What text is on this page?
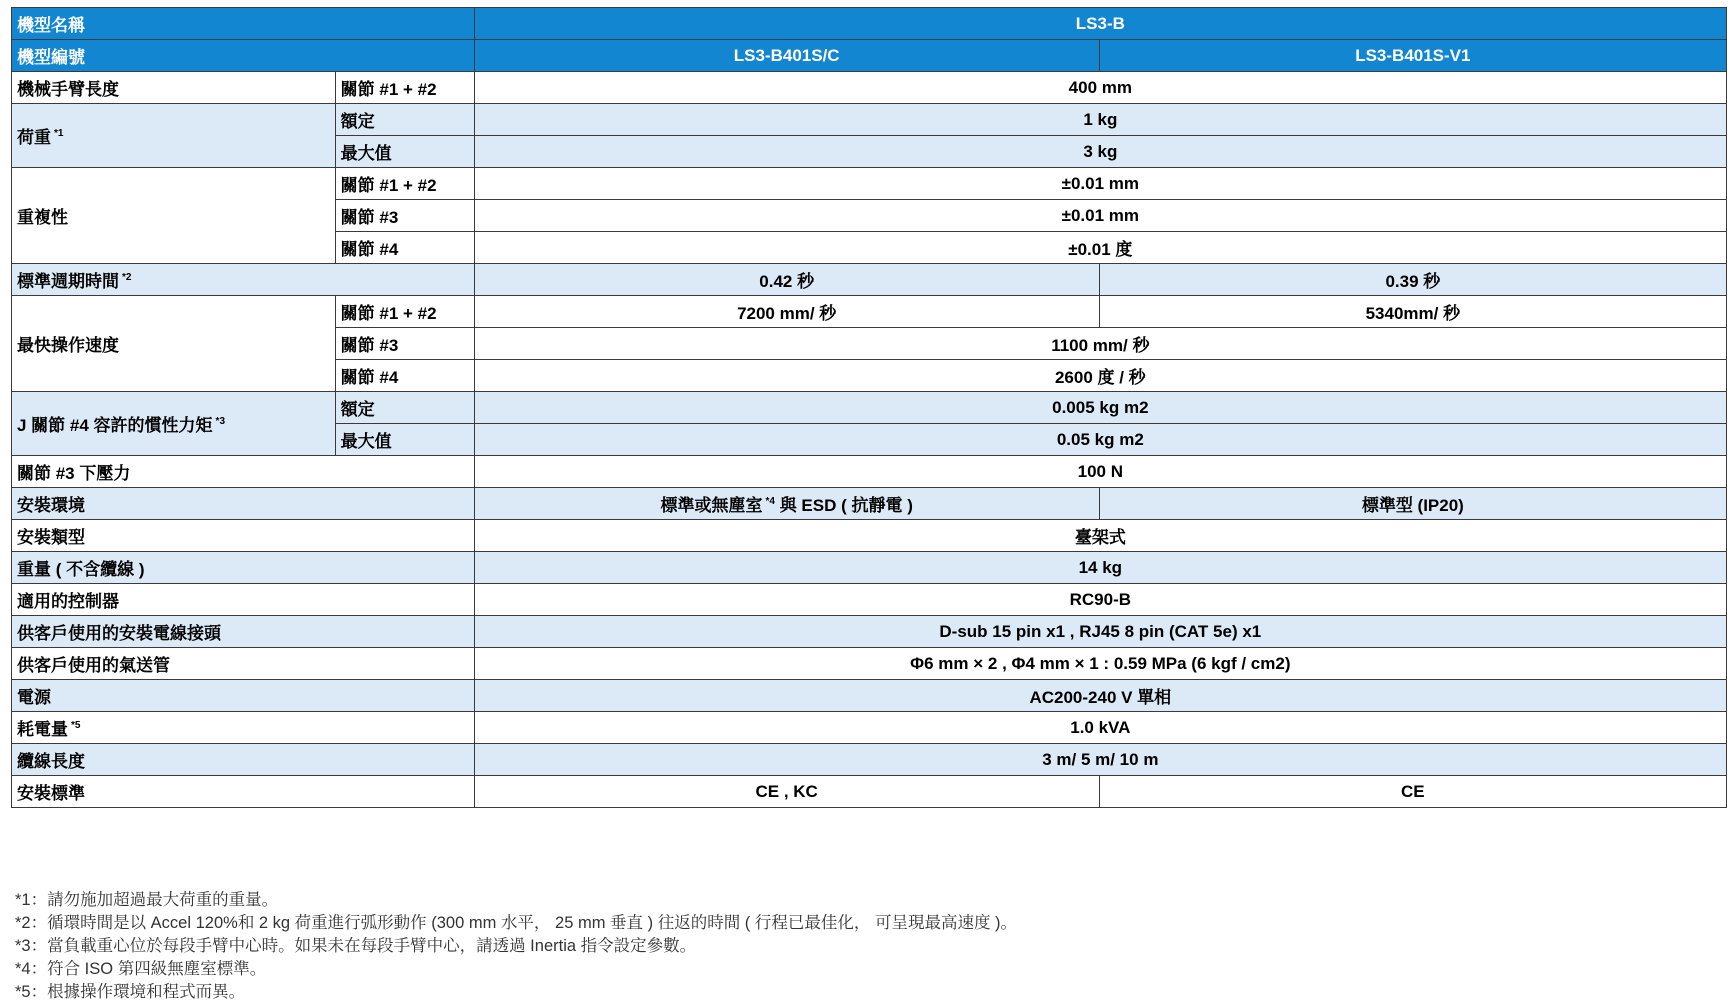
機型名稱		LS3-B	
機型編號		LS3-B401S/C	LS3-B401S-V1
機械手臂長度	關節 #1 + #2	400 mm	
荷重 $^{*1}$	額定	1 kg	
	最大值	3 kg	
重複性	關節 #1 + #2	±0.01 mm	
	關節 #3	±0.01 mm	
	關節 #4	±0.01 度	
標準週期時間 $^{*2}$		0.42 秒	0.39 秒
最快操作速度	關節 #1 + #2	7200 mm/ 秒	5340mm/ 秒
	關節 #3	1100 mm/ 秒	
	關節 #4	2600 度 / 秒	
J 關節 #4 容許的慣性力矩 $^{*3}$	額定	0.005 kg m2	
	最大值	0.05 kg m2	
關節 #3 下壓力		100 N	
安裝環境		標準或無塵室 $^{*4}$ 與 ESD ( 抗靜電 )	標準型 (IP20)
安裝類型		臺架式	
重量 ( 不含纜線 )		14 kg	
適用的控制器		RC90-B	
供客戶使用的安裝電線接頭		D-sub 15 pin x1 , RJ45 8 pin (CAT 5e) x1	
供客戶使用的氣送管		Φ6 mm × 2 , Φ4 mm × 1 : 0.59 MPa (6 kgf / cm2)	
電源		AC200-240 V 單相	
耗電量 $^{*5}$		1.0 kVA	
纜線長度		3 m/ 5 m/ 10 m	
安裝標準		CE , KC	CE
*1：請勿施加超過最大荷重的重量。
*2：循環時間是以 Accel 120%和 2 kg 荷重進行弧形動作 (300 mm 水平， 25 mm 垂直 ) 往返的時間 ( 行程已最佳化， 可呈現最高速度 )。
*3：當負載重心位於每段手臂中心時。如果未在每段手臂中心，請透過 Inertia 指令設定參數。
*4：符合 ISO 第四級無塵室標準。
*5：根據操作環境和程式而異。
